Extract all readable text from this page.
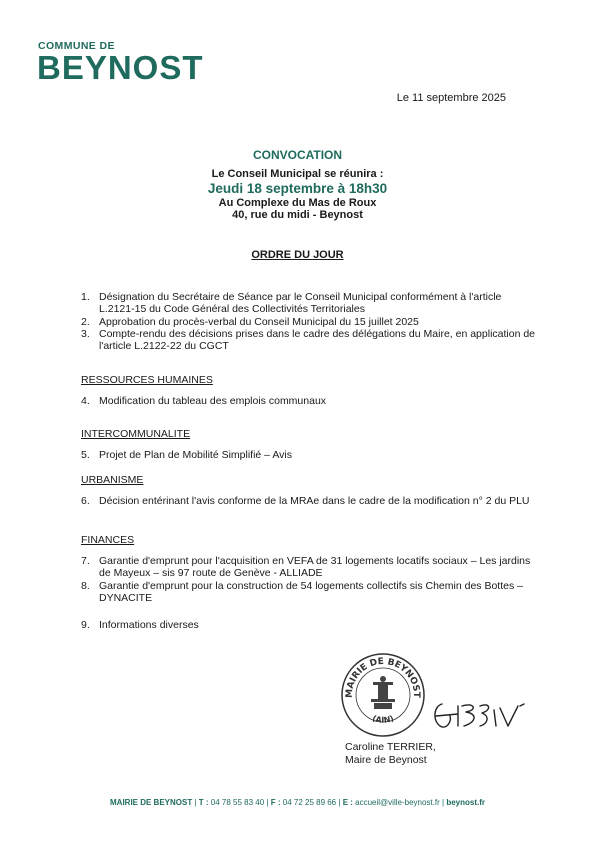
COMMUNE DE
BEYNOST
Le 11 septembre 2025
CONVOCATION
Le Conseil Municipal se réunira :
Jeudi 18 septembre à 18h30
Au Complexe du Mas de Roux
40, rue du midi - Beynost
ORDRE DU JOUR
1. Désignation du Secrétaire de Séance par le Conseil Municipal conformément à l'article L.2121-15 du Code Général des Collectivités Territoriales
2. Approbation du procès-verbal du Conseil Municipal du 15 juillet 2025
3. Compte-rendu des décisions prises dans le cadre des délégations du Maire, en application de l'article L.2122-22 du CGCT
RESSOURCES HUMAINES
4. Modification du tableau des emplois communaux
INTERCOMMUNALITE
5. Projet de Plan de Mobilité Simplifié – Avis
URBANISME
6. Décision entérinant l'avis conforme de la MRAe dans le cadre de la modification n° 2 du PLU
FINANCES
7. Garantie d'emprunt pour l'acquisition en VEFA de 31 logements locatifs sociaux – Les jardins de Mayeux – sis 97 route de Genève - ALLIADE
8. Garantie d'emprunt pour la construction de 54 logements collectifs sis Chemin des Bottes – DYNACITE
9. Informations diverses
MAIRIE DE BEYNOST
(AIN)
Caroline TERRIER,
Maire de Beynost
MAIRIE DE BEYNOST | T : 04 78 55 83 40 | F : 04 72 25 89 66 | E : accueil@ville-beynost.fr | beynost.fr
